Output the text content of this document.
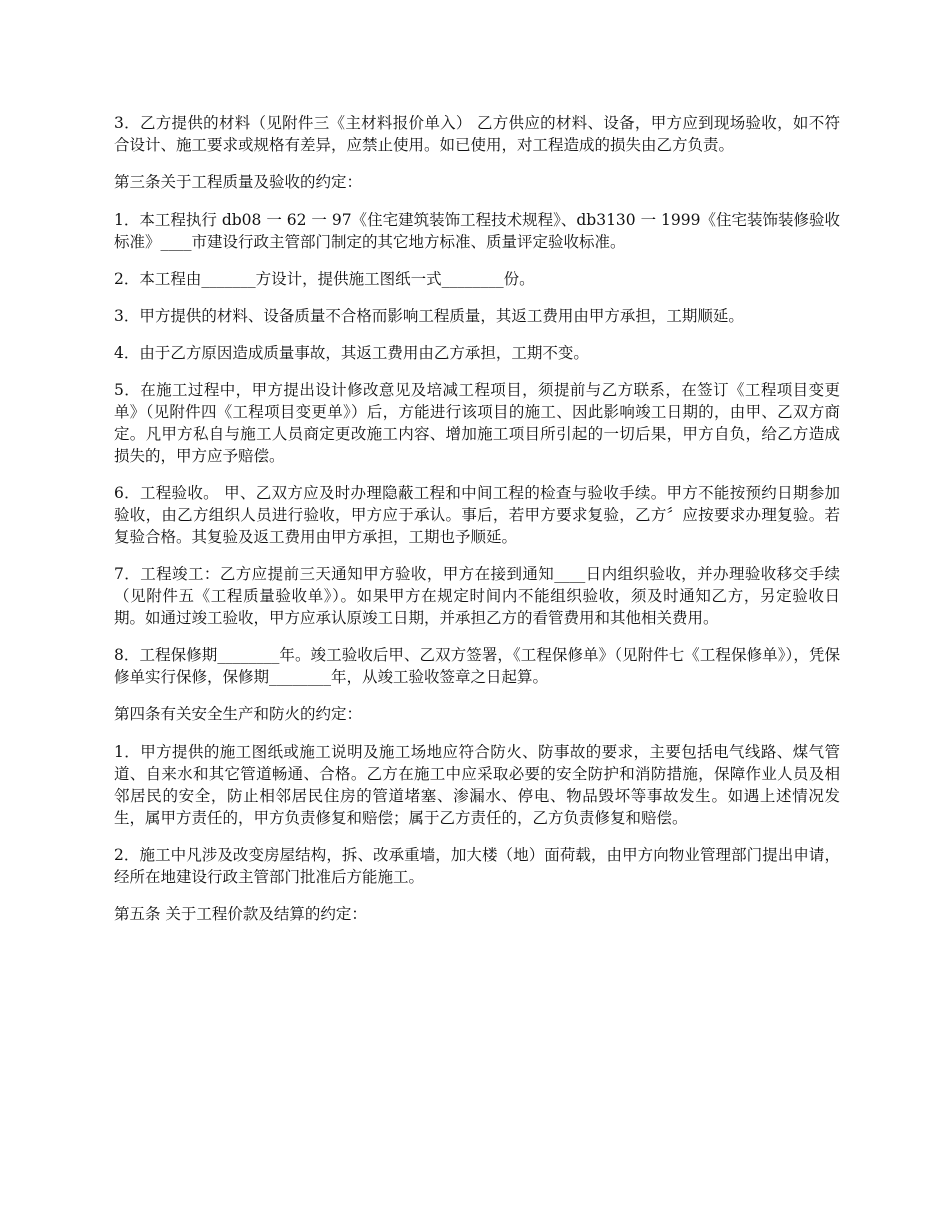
3．乙方提供的材料（见附件三《主材料报价单入） 乙方供应的材料、设备，甲方应到现场验收，如不符合设计、施工要求或规格有差异，应禁止使用。如已使用，对工程造成的损失由乙方负责。

第三条关于工程质量及验收的约定：

1．本工程执行 db08 一 62 一 97《住宅建筑装饰工程技术规程》、db3130 一 1999《住宅装饰装修验收标准》____市建设行政主管部门制定的其它地方标准、质量评定验收标准。

2．本工程由_______方设计，提供施工图纸一式________份。

3．甲方提供的材料、设备质量不合格而影响工程质量，其返工费用由甲方承担，工期顺延。

4．由于乙方原因造成质量事故，其返工费用由乙方承担，工期不变。

5．在施工过程中，甲方提出设计修改意见及培减工程项目，须提前与乙方联系，在签订《工程项目变更单》（见附件四《工程项目变更单》）后，方能进行该项目的施工、因此影响竣工日期的，由甲、乙双方商定。凡甲方私自与施工人员商定更改施工内容、增加施工项目所引起的一切后果，甲方自负，给乙方造成损失的，甲方应予赔偿。

6．工程验收。 甲、乙双方应及时办理隐蔽工程和中间工程的检查与验收手续。甲方不能按预约日期参加验收，由乙方组织人员进行验收，甲方应于承认。事后，若甲方要求复验，乙方〞应按要求办理复验。若复验合格。其复验及返工费用由甲方承担，工期也予顺延。

7．工程竣工：乙方应提前三天通知甲方验收，甲方在接到通知____日内组织验收，并办理验收移交手续（见附件五《工程质量验收单》）。如果甲方在规定时间内不能组织验收，须及时通知乙方，另定验收日期。如通过竣工验收，甲方应承认原竣工日期，并承担乙方的看管费用和其他相关费用。

8．工程保修期________年。竣工验收后甲、乙双方签署，《工程保修单》（见附件七《工程保修单》），凭保修单实行保修，保修期________年，从竣工验收签章之日起算。

第四条有关安全生产和防火的约定：

1．甲方提供的施工图纸或施工说明及施工场地应符合防火、防事故的要求，主要包括电气线路、煤气管道、自来水和其它管道畅通、合格。乙方在施工中应采取必要的安全防护和消防措施，保障作业人员及相邻居民的安全，防止相邻居民住房的管道堵塞、渗漏水、停电、物品毁坏等事故发生。如遇上述情况发生，属甲方责任的，甲方负责修复和赔偿；属于乙方责任的，乙方负责修复和赔偿。

2．施工中凡涉及改变房屋结构，拆、改承重墙，加大楼（地）面荷载，由甲方向物业管理部门提出申请，经所在地建设行政主管部门批准后方能施工。

第五条 关于工程价款及结算的约定：
